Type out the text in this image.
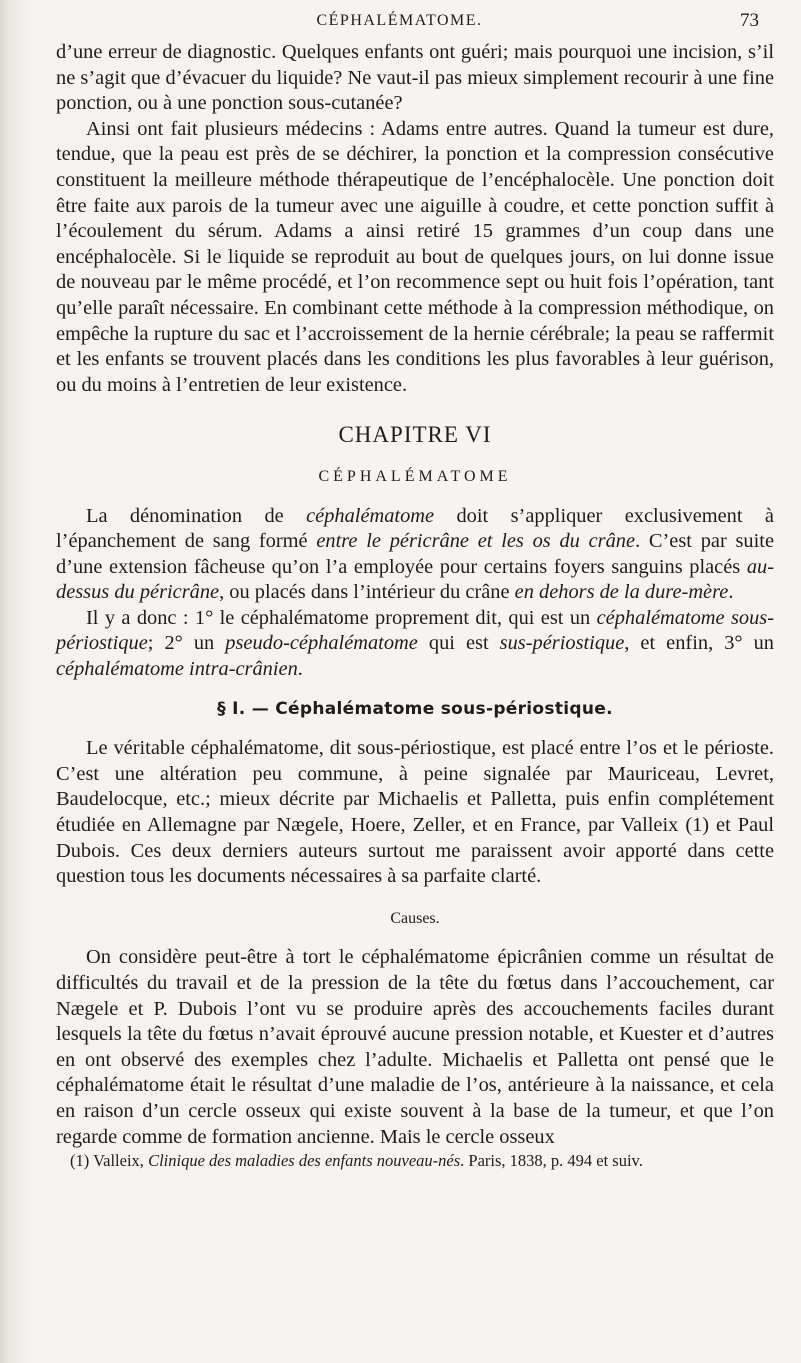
CÉPHALÉMATOME.	73

d’une erreur de diagnostic. Quelques enfants ont guéri; mais pourquoi une incision, s’il ne s’agit que d’évacuer du liquide? Ne vaut-il pas mieux simplement recourir à une fine ponction, ou à une ponction sous-cutanée?

Ainsi ont fait plusieurs médecins : Adams entre autres. Quand la tumeur est dure, tendue, que la peau est près de se déchirer, la ponction et la compression consécutive constituent la meilleure méthode thérapeutique de l’encéphalocèle. Une ponction doit être faite aux parois de la tumeur avec une aiguille à coudre, et cette ponction suffit à l’écoulement du sérum. Adams a ainsi retiré 15 grammes d’un coup dans une encéphalocèle. Si le liquide se reproduit au bout de quelques jours, on lui donne issue de nouveau par le même procédé, et l’on recommence sept ou huit fois l’opération, tant qu’elle paraît nécessaire. En combinant cette méthode à la compression méthodique, on empêche la rupture du sac et l’accroissement de la hernie cérébrale; la peau se raffermit et les enfants se trouvent placés dans les conditions les plus favorables à leur guérison, ou du moins à l’entretien de leur existence.

CHAPITRE VI
CÉPHALÉMATOME

La dénomination de céphalématome doit s’appliquer exclusivement à l’épanchement de sang formé entre le péricrâne et les os du crâne. C’est par suite d’une extension fâcheuse qu’on l’a employée pour certains foyers sanguins placés au-dessus du péricrâne, ou placés dans l’intérieur du crâne en dehors de la dure-mère.

Il y a donc : 1° le céphalématome proprement dit, qui est un céphalématome sous-périostique; 2° un pseudo-céphalématome qui est sus-périostique, et enfin, 3° un céphalématome intra-crânien.

§ I. — Céphalématome sous-périostique.

Le véritable céphalématome, dit sous-périostique, est placé entre l’os et le périoste. C’est une altération peu commune, à peine signalée par Mauriceau, Levret, Baudelocque, etc.; mieux décrite par Michaelis et Palletta, puis enfin complétement étudiée en Allemagne par Nægele, Hoere, Zeller, et en France, par Valleix (1) et Paul Dubois. Ces deux derniers auteurs surtout me paraissent avoir apporté dans cette question tous les documents nécessaires à sa parfaite clarté.

Causes.

On considère peut-être à tort le céphalématome épicrânien comme un résultat de difficultés du travail et de la pression de la tête du fœtus dans l’accouchement, car Nægele et P. Dubois l’ont vu se produire après des accouchements faciles durant lesquels la tête du fœtus n’avait éprouvé aucune pression notable, et Kuester et d’autres en ont observé des exemples chez l’adulte. Michaelis et Palletta ont pensé que le céphalématome était le résultat d’une maladie de l’os, antérieure à la naissance, et cela en raison d’un cercle osseux qui existe souvent à la base de la tumeur, et que l’on regarde comme de formation ancienne. Mais le cercle osseux

(1) Valleix, Clinique des maladies des enfants nouveau-nés. Paris, 1838, p. 494 et suiv.
